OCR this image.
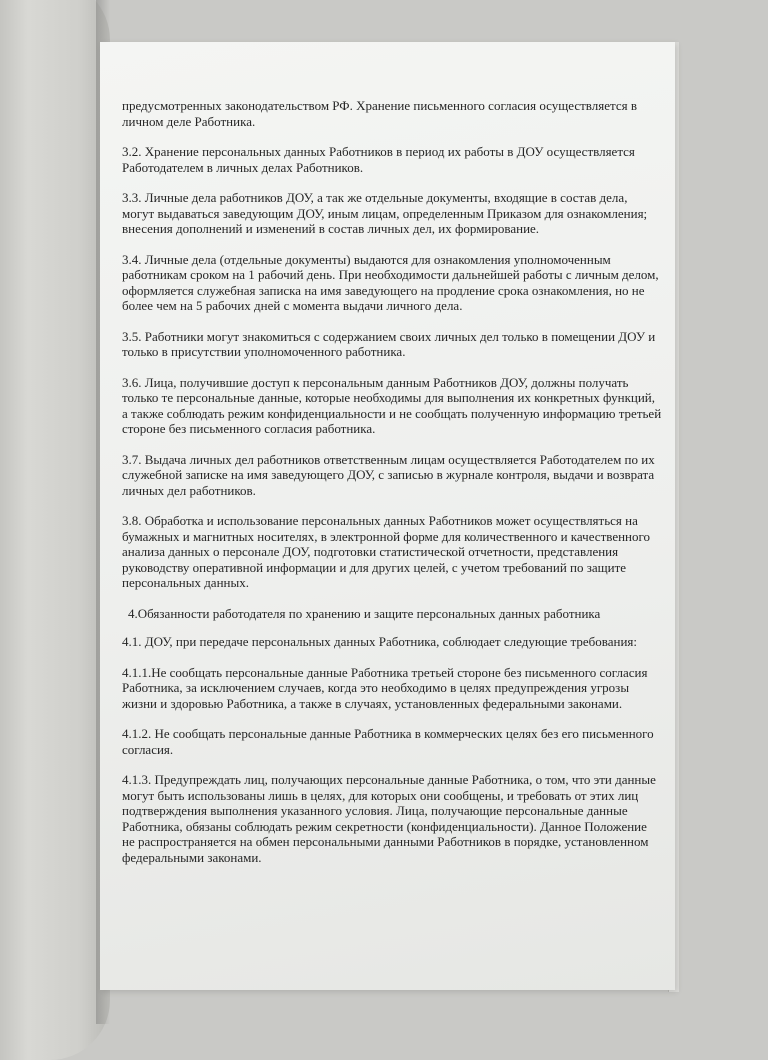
предусмотренных законодательством РФ. Хранение письменного согласия осуществляется в личном деле Работника.

3.2. Хранение персональных данных Работников в период их работы в ДОУ осуществляется Работодателем в личных делах Работников.

3.3. Личные дела работников ДОУ, а так же отдельные документы, входящие в состав дела, могут выдаваться заведующим ДОУ, иным лицам, определенным Приказом для ознакомления; внесения дополнений и изменений в состав личных дел, их формирование.

3.4. Личные дела (отдельные документы) выдаются для ознакомления уполномоченным работникам сроком на 1 рабочий день. При необходимости дальнейшей работы с личным делом, оформляется служебная записка на имя заведующего на продление срока ознакомления, но не более чем на 5 рабочих дней с момента выдачи личного дела.

3.5. Работники могут знакомиться с содержанием своих личных дел только в помещении ДОУ и только в присутствии уполномоченного работника.

3.6. Лица, получившие доступ к персональным данным Работников ДОУ, должны получать только те персональные данные, которые необходимы для выполнения их конкретных функций, а также соблюдать режим конфиденциальности и не сообщать полученную информацию третьей стороне без письменного согласия работника.

3.7. Выдача личных дел работников ответственным лицам осуществляется Работодателем по их служебной записке на имя заведующего ДОУ, с записью в журнале контроля, выдачи и возврата личных дел работников.

3.8. Обработка и использование персональных данных Работников может осуществляться на бумажных и магнитных носителях, в электронной форме для количественного и качественного анализа данных о персонале ДОУ, подготовки статистической отчетности, представления руководству оперативной информации и для других целей, с учетом требований по защите персональных данных.

4.Обязанности работодателя по хранению и защите персональных данных работника

4.1. ДОУ, при передаче персональных данных Работника, соблюдает следующие требования:

4.1.1.Не сообщать персональные данные Работника третьей стороне без письменного согласия Работника, за исключением случаев, когда это необходимо в целях предупреждения угрозы жизни и здоровью Работника, а также в случаях, установленных федеральными законами.

4.1.2. Не сообщать персональные данные Работника в коммерческих целях без его письменного согласия.

4.1.3. Предупреждать лиц, получающих персональные данные Работника, о том, что эти данные могут быть использованы лишь в целях, для которых они сообщены, и требовать от этих лиц подтверждения выполнения указанного условия. Лица, получающие персональные данные Работника, обязаны соблюдать режим секретности (конфиденциальности). Данное Положение не распространяется на обмен персональными данными Работников в порядке, установленном федеральными законами.
